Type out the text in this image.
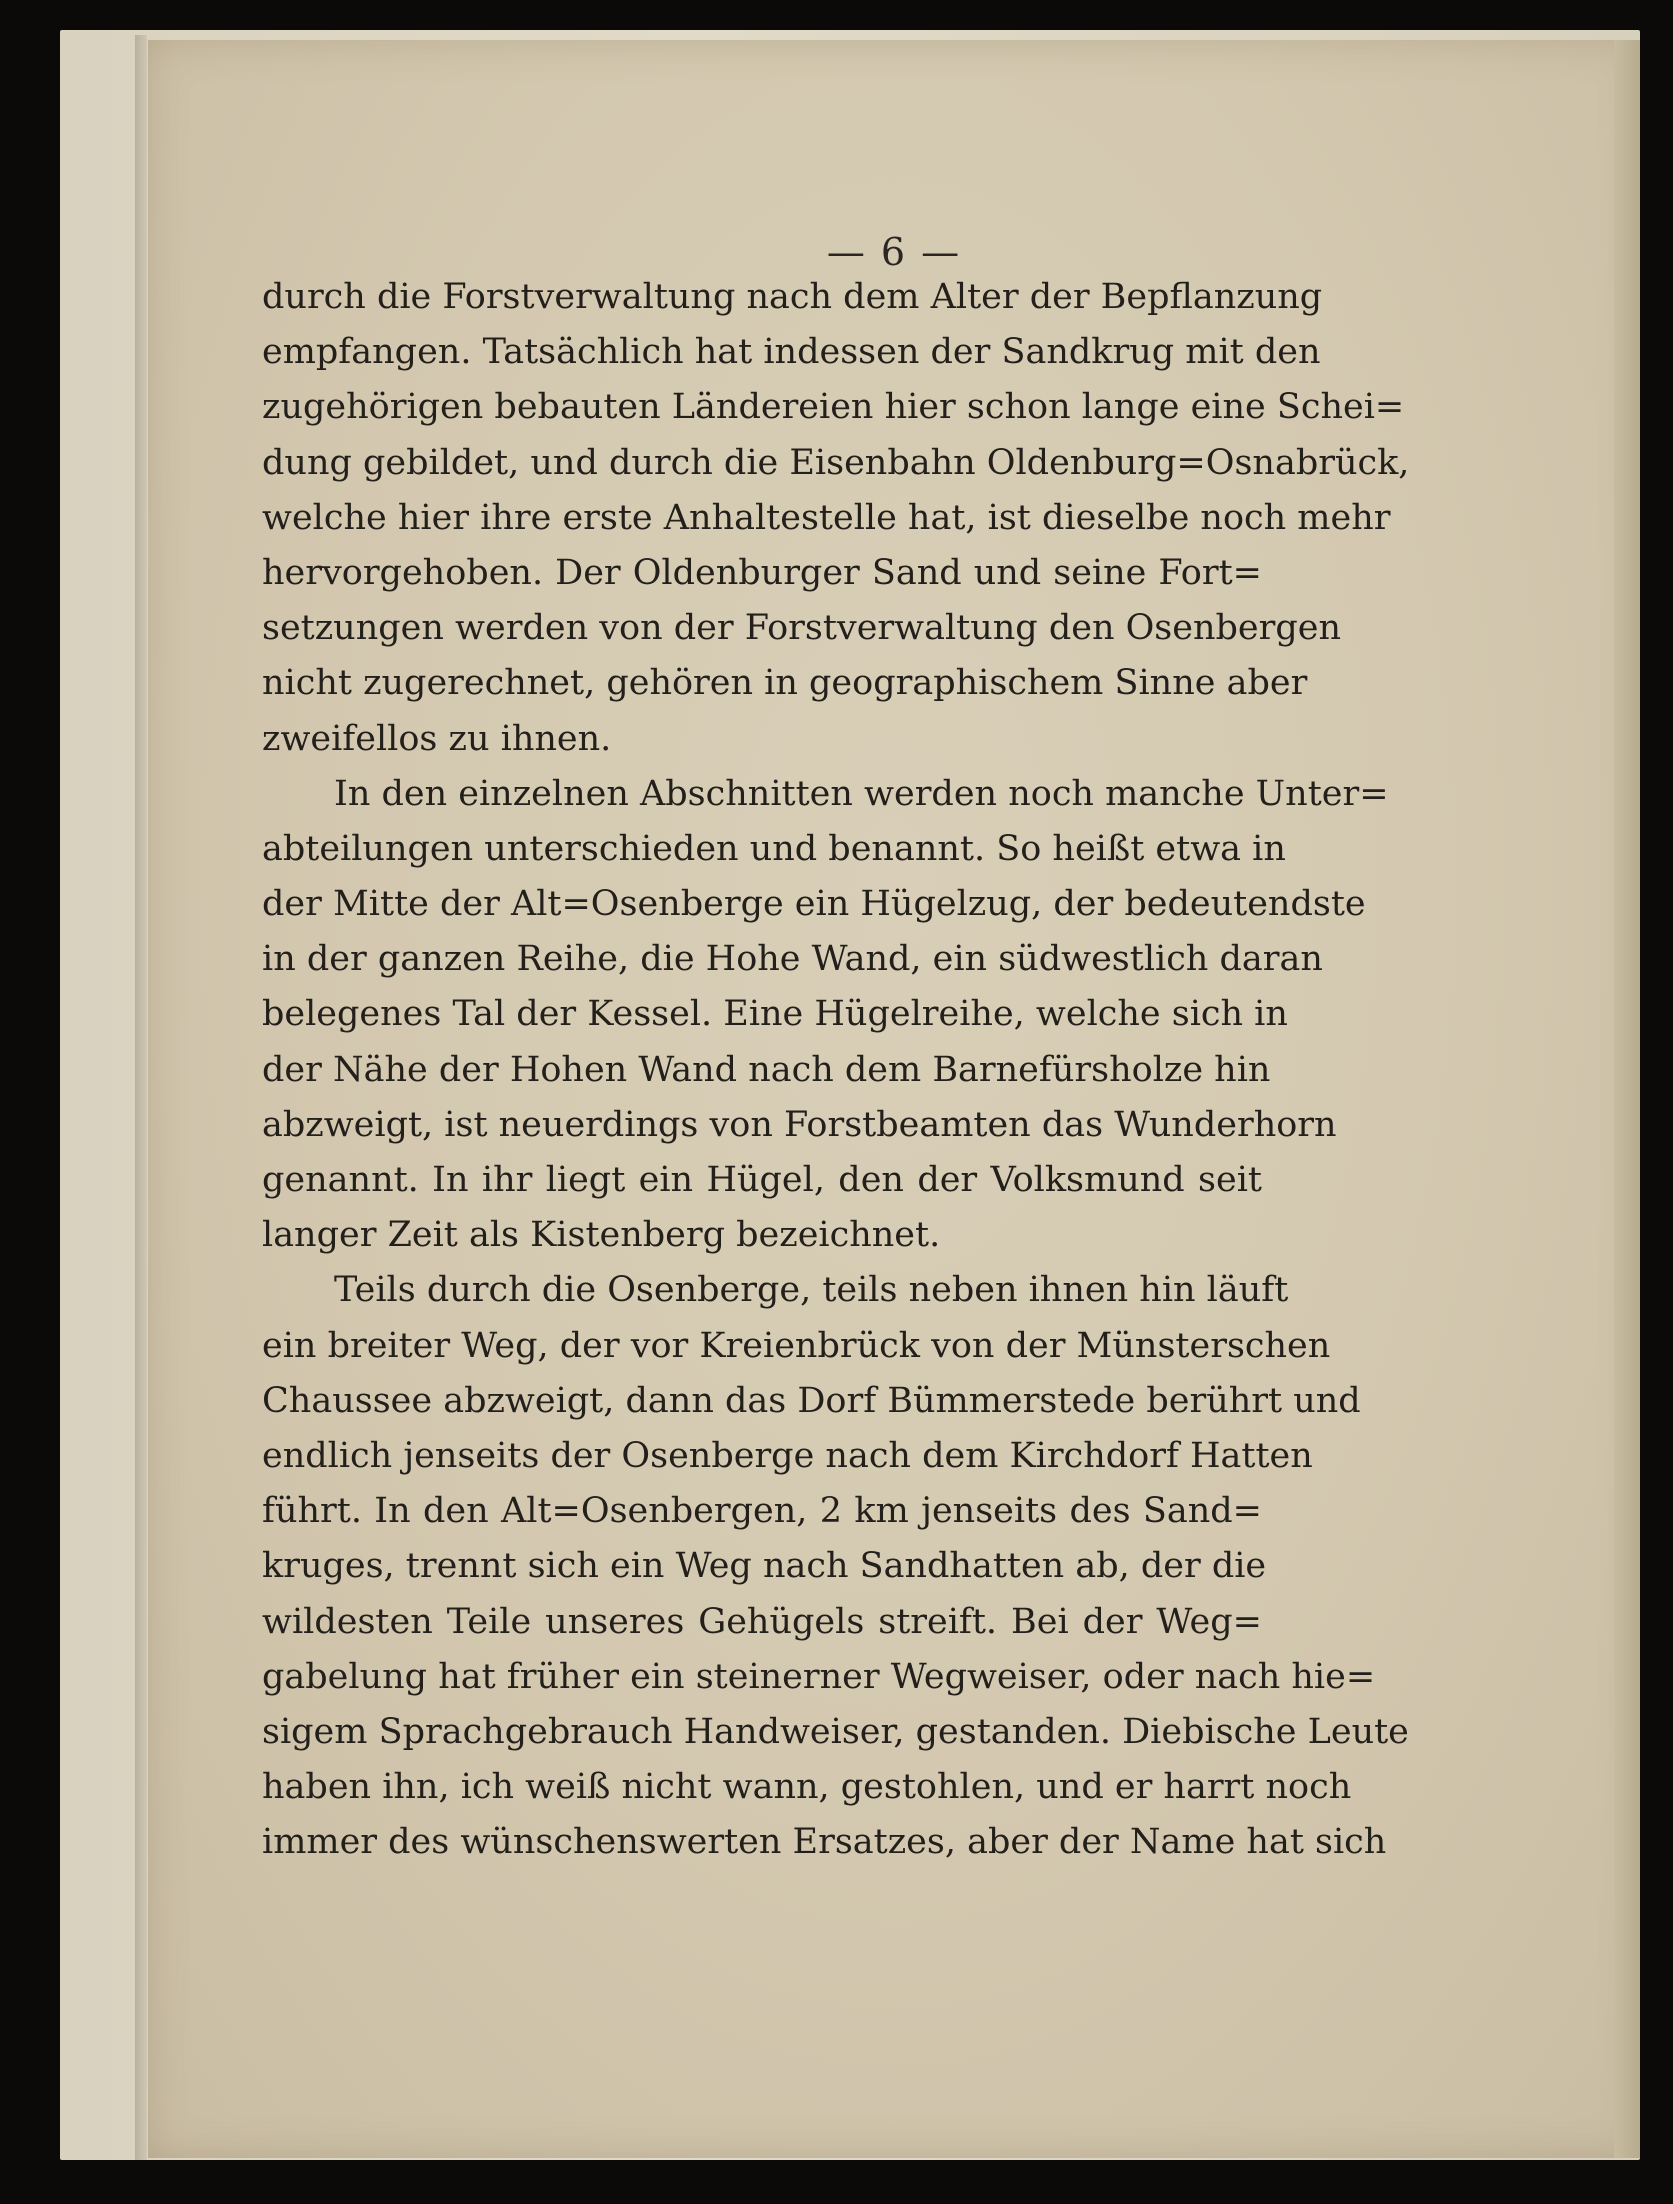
— 6 —
durch die Forstverwaltung nach dem Alter der Bepflanzung
empfangen. Tatsächlich hat indessen der Sandkrug mit den
zugehörigen bebauten Ländereien hier schon lange eine Schei=
dung gebildet, und durch die Eisenbahn Oldenburg=Osnabrück,
welche hier ihre erste Anhaltestelle hat, ist dieselbe noch mehr
hervorgehoben. Der Oldenburger Sand und seine Fort=
setzungen werden von der Forstverwaltung den Osenbergen
nicht zugerechnet, gehören in geographischem Sinne aber
zweifellos zu ihnen.
In den einzelnen Abschnitten werden noch manche Unter=
abteilungen unterschieden und benannt. So heißt etwa in
der Mitte der Alt=Osenberge ein Hügelzug, der bedeutendste
in der ganzen Reihe, die Hohe Wand, ein südwestlich daran
belegenes Tal der Kessel. Eine Hügelreihe, welche sich in
der Nähe der Hohen Wand nach dem Barnefürsholze hin
abzweigt, ist neuerdings von Forstbeamten das Wunderhorn
genannt. In ihr liegt ein Hügel, den der Volksmund seit
langer Zeit als Kistenberg bezeichnet.
Teils durch die Osenberge, teils neben ihnen hin läuft
ein breiter Weg, der vor Kreienbrück von der Münsterschen
Chaussee abzweigt, dann das Dorf Bümmerstede berührt und
endlich jenseits der Osenberge nach dem Kirchdorf Hatten
führt. In den Alt=Osenbergen, 2 km jenseits des Sand=
kruges, trennt sich ein Weg nach Sandhatten ab, der die
wildesten Teile unseres Gehügels streift. Bei der Weg=
gabelung hat früher ein steinerner Wegweiser, oder nach hie=
sigem Sprachgebrauch Handweiser, gestanden. Diebische Leute
haben ihn, ich weiß nicht wann, gestohlen, und er harrt noch
immer des wünschenswerten Ersatzes, aber der Name hat sich
